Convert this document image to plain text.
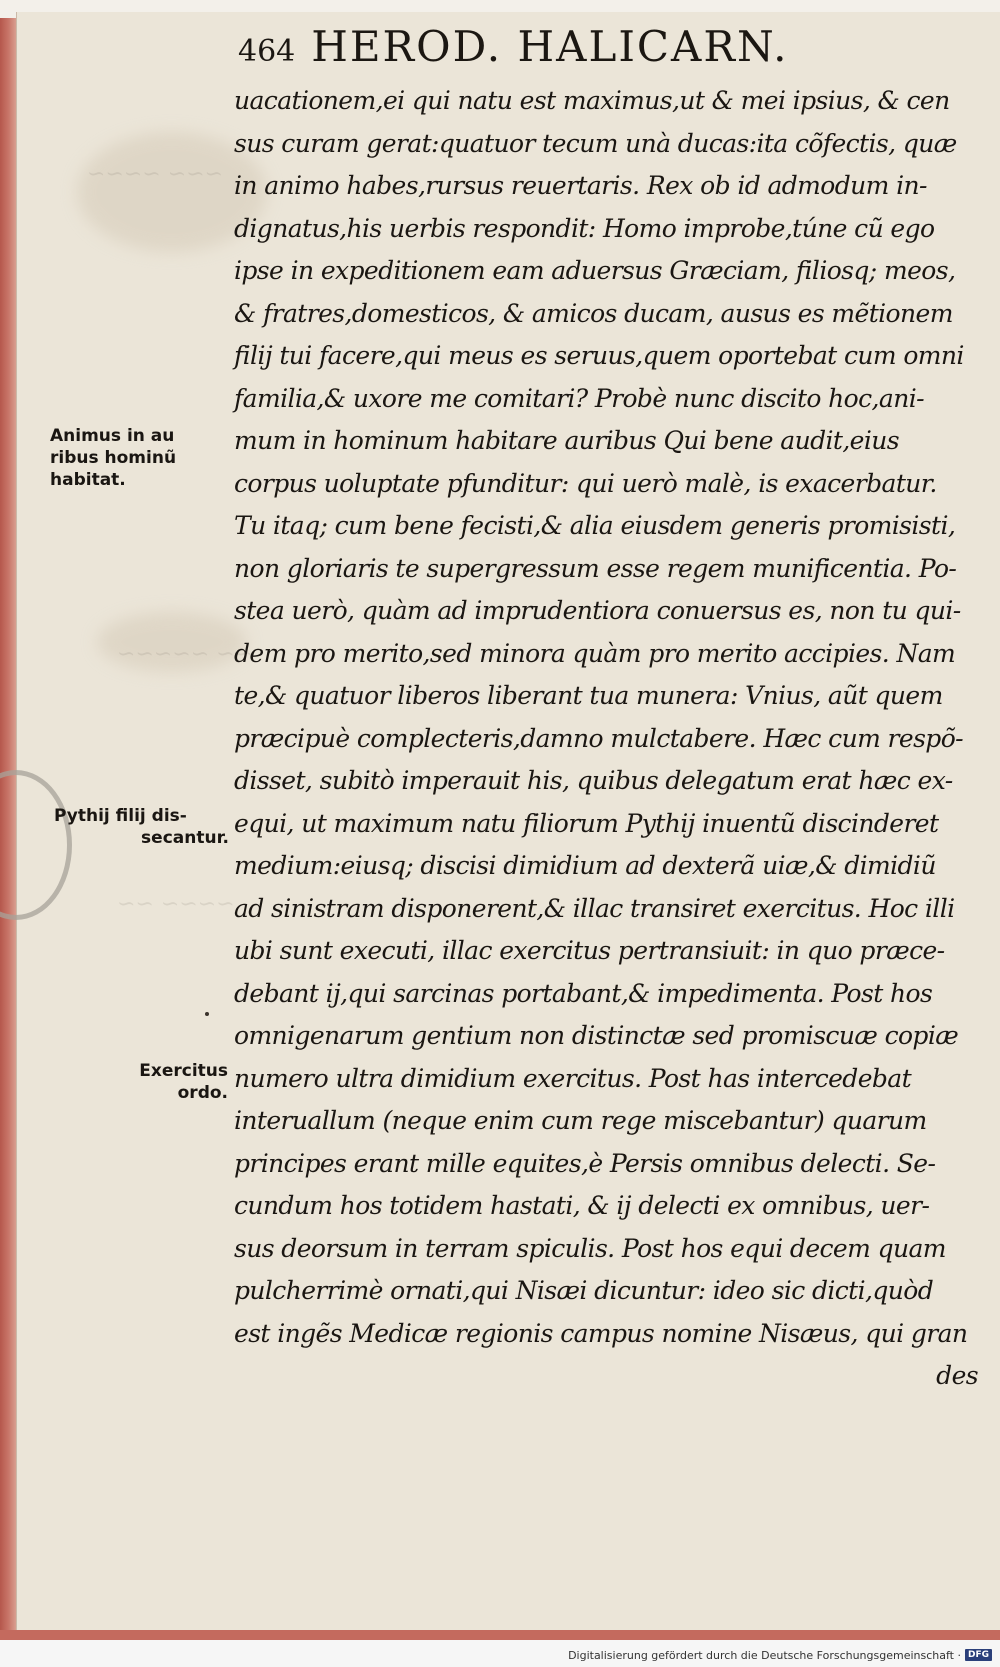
~~~ ~~~~
~~ ~~~~~
~~~~ ~~
464 HEROD. HALICARN.
uacationem,ei qui natu est maximus,ut & mei ipsius, & cen
sus curam gerat:quatuor tecum unà ducas:ita cõfectis, quæ
in animo habes,rursus reuertaris. Rex ob id admodum in-
dignatus,his uerbis respondit: Homo improbe,túne cũ ego
ipse in expeditionem eam aduersus Græciam, filiosq; meos,
& fratres,domesticos, & amicos ducam, ausus es mẽtionem
filij tui facere,qui meus es seruus,quem oportebat cum omni
familia,& uxore me comitari? Probè nunc discito hoc,ani-
mum in hominum habitare auribus Qui bene audit,eius
corpus uoluptate pfunditur: qui uerò malè, is exacerbatur.
Tu itaq; cum bene fecisti,& alia eiusdem generis promisisti,
non gloriaris te supergressum esse regem munificentia. Po-
stea uerò, quàm ad imprudentiora conuersus es, non tu qui-
dem pro merito,sed minora quàm pro merito accipies. Nam
te,& quatuor liberos liberant tua munera: Vnius, aũt quem
præcipuè complecteris,damno mulctabere. Hæc cum respõ-
disset, subitò imperauit his, quibus delegatum erat hæc ex-
equi, ut maximum natu filiorum Pythij inuentũ discinderet
medium:eiusq; discisi dimidium ad dexterã uiæ,& dimidiũ
ad sinistram disponerent,& illac transiret exercitus. Hoc illi
ubi sunt executi, illac exercitus pertransiuit: in quo præce-
debant ij,qui sarcinas portabant,& impedimenta. Post hos
omnigenarum gentium non distinctæ sed promiscuæ copiæ
numero ultra dimidium exercitus. Post has intercedebat
interuallum (neque enim cum rege miscebantur) quarum
principes erant mille equites,è Persis omnibus delecti. Se-
cundum hos totidem hastati, & ij delecti ex omnibus, uer-
sus deorsum in terram spiculis. Post hos equi decem quam
pulcherrimè ornati,qui Nisæi dicuntur: ideo sic dicti,quòd
est ingẽs Medicæ regionis campus nomine Nisæus, qui gran
des
Animus in au
ribus hominũ
habitat.
Pythij filij dis-
secantur.
Exercitus
ordo.
Digitalisierung gefördert durch die Deutsche Forschungsgemeinschaft · DFG
